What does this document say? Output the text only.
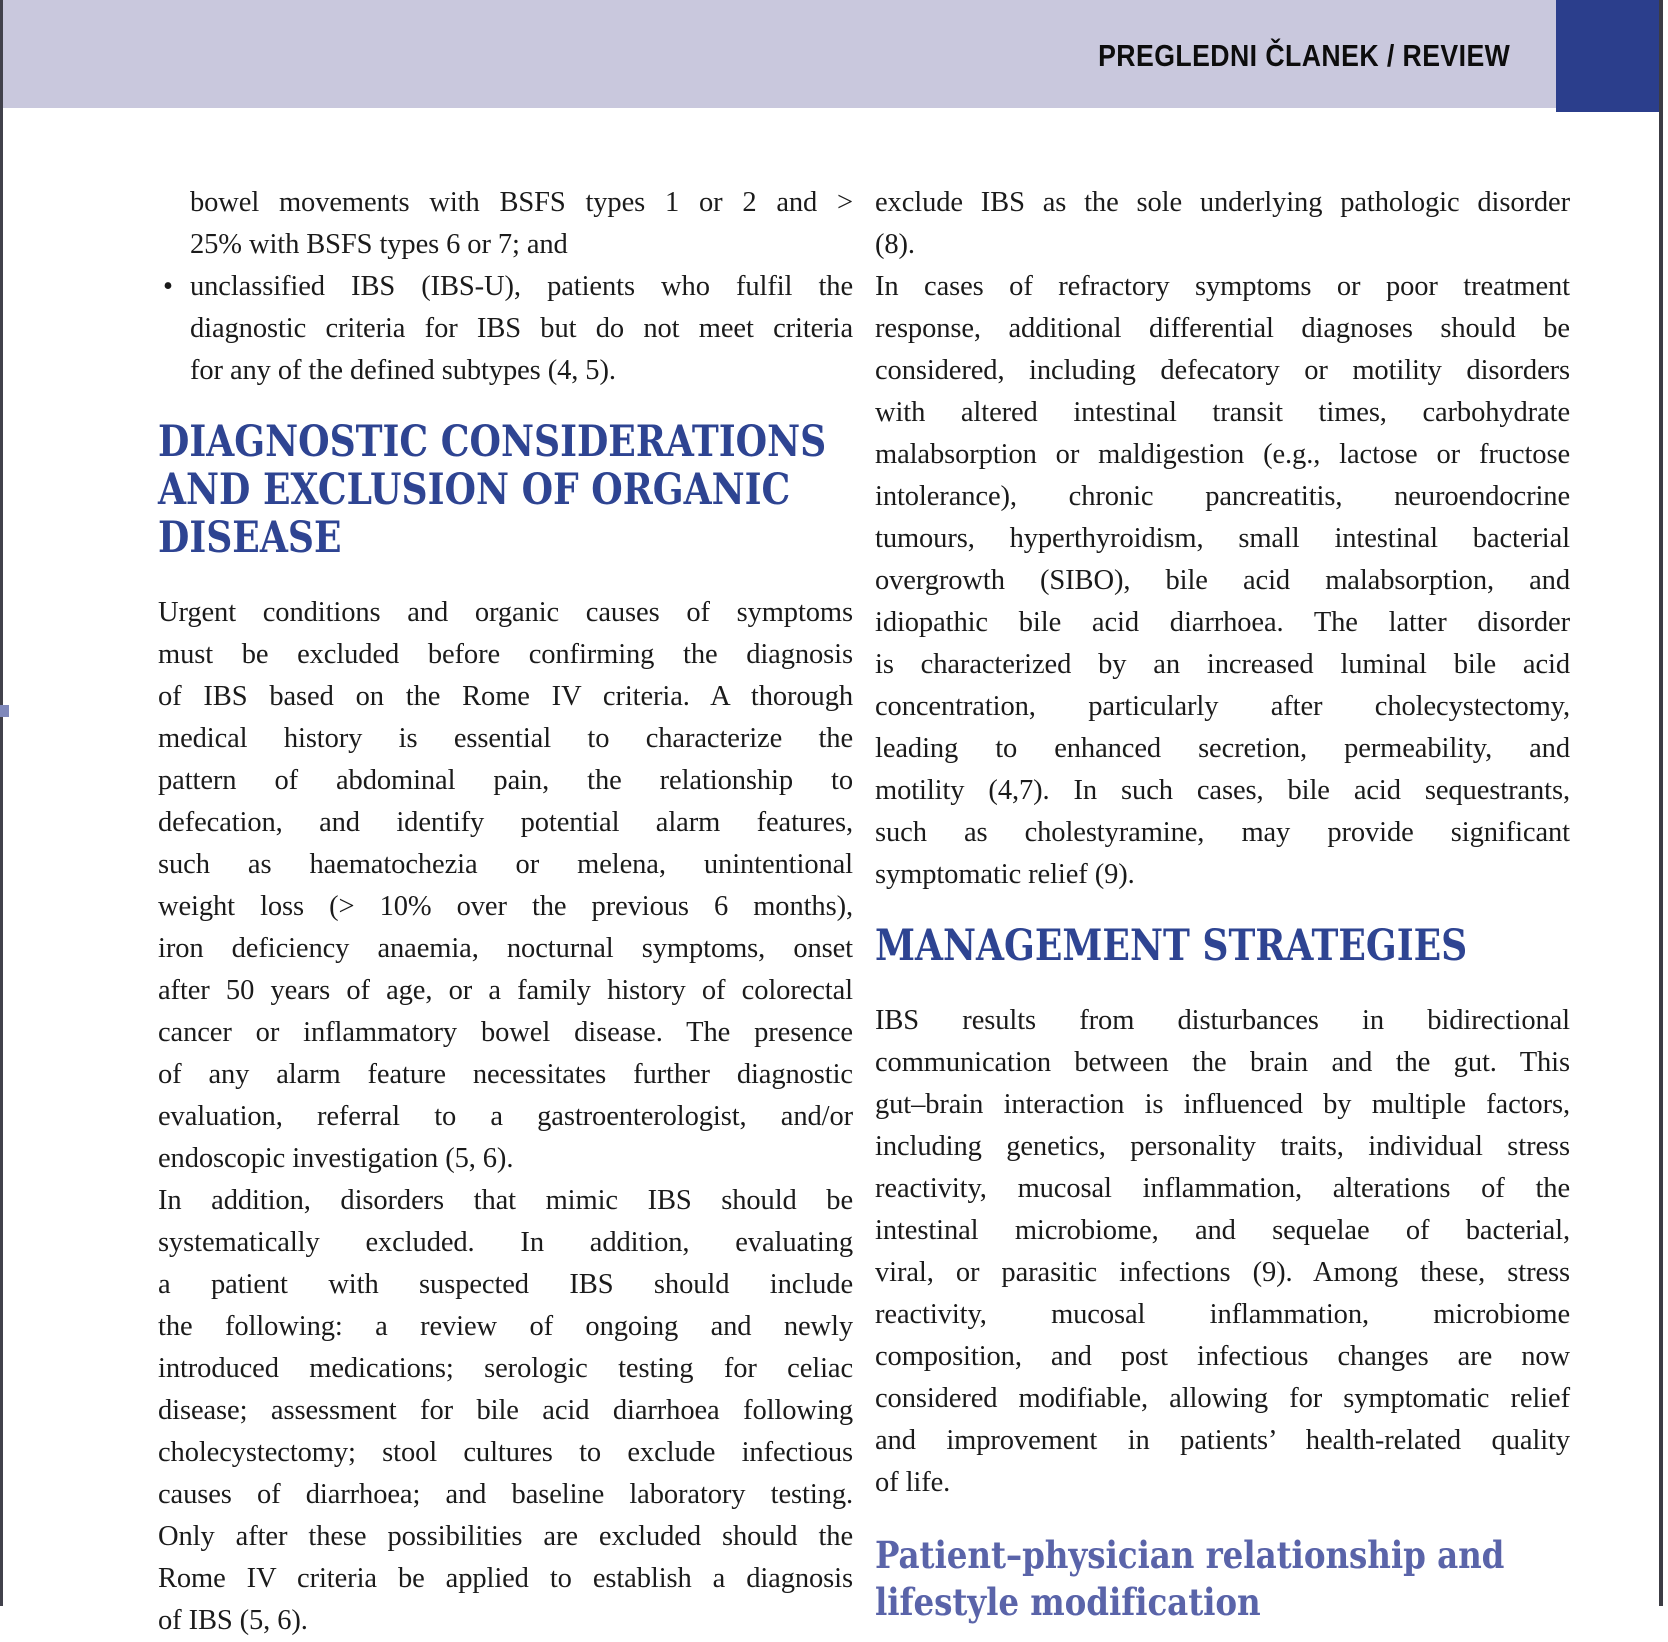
PREGLEDNI ČLANEK / REVIEW
bowel movements with BSFS types 1 or 2 and >
25% with BSFS types 6 or 7; and
• unclassified IBS (IBS-U), patients who fulfil the
diagnostic criteria for IBS but do not meet criteria
for any of the defined subtypes (4, 5).
DIAGNOSTIC CONSIDERATIONS
AND EXCLUSION OF ORGANIC
DISEASE
Urgent conditions and organic causes of symptoms
must be excluded before confirming the diagnosis
of IBS based on the Rome IV criteria. A thorough
medical history is essential to characterize the
pattern of abdominal pain, the relationship to
defecation, and identify potential alarm features,
such as haematochezia or melena, unintentional
weight loss (> 10% over the previous 6 months),
iron deficiency anaemia, nocturnal symptoms, onset
after 50 years of age, or a family history of colorectal
cancer or inflammatory bowel disease. The presence
of any alarm feature necessitates further diagnostic
evaluation, referral to a gastroenterologist, and/or
endoscopic investigation (5, 6).
In addition, disorders that mimic IBS should be
systematically excluded. In addition, evaluating
a patient with suspected IBS should include
the following: a review of ongoing and newly
introduced medications; serologic testing for celiac
disease; assessment for bile acid diarrhoea following
cholecystectomy; stool cultures to exclude infectious
causes of diarrhoea; and baseline laboratory testing.
Only after these possibilities are excluded should the
Rome IV criteria be applied to establish a diagnosis
of IBS (5, 6).
exclude IBS as the sole underlying pathologic disorder
(8).
In cases of refractory symptoms or poor treatment
response, additional differential diagnoses should be
considered, including defecatory or motility disorders
with altered intestinal transit times, carbohydrate
malabsorption or maldigestion (e.g., lactose or fructose
intolerance), chronic pancreatitis, neuroendocrine
tumours, hyperthyroidism, small intestinal bacterial
overgrowth (SIBO), bile acid malabsorption, and
idiopathic bile acid diarrhoea. The latter disorder
is characterized by an increased luminal bile acid
concentration, particularly after cholecystectomy,
leading to enhanced secretion, permeability, and
motility (4,7). In such cases, bile acid sequestrants,
such as cholestyramine, may provide significant
symptomatic relief (9).
MANAGEMENT STRATEGIES
IBS results from disturbances in bidirectional
communication between the brain and the gut. This
gut–brain interaction is influenced by multiple factors,
including genetics, personality traits, individual stress
reactivity, mucosal inflammation, alterations of the
intestinal microbiome, and sequelae of bacterial,
viral, or parasitic infections (9). Among these, stress
reactivity, mucosal inflammation, microbiome
composition, and post infectious changes are now
considered modifiable, allowing for symptomatic relief
and improvement in patients’ health-related quality
of life.
Patient–physician relationship and
lifestyle modification
